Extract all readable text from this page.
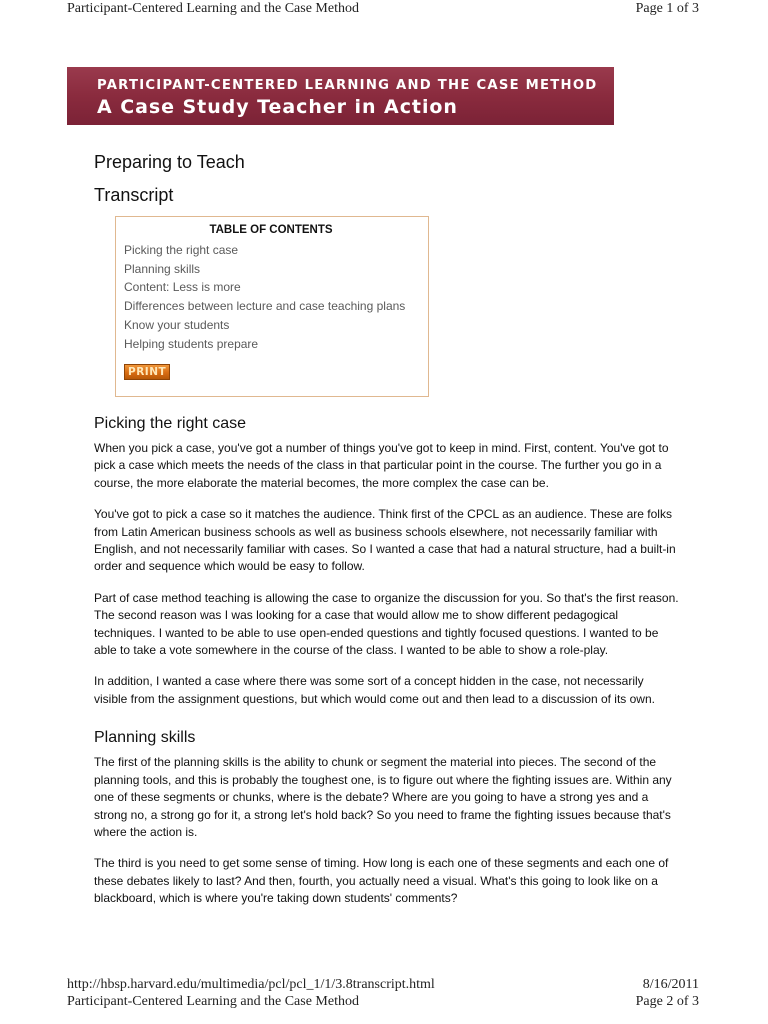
Participant-Centered Learning and the Case Method	Page 1 of 3
PARTICIPANT-CENTERED LEARNING AND THE CASE METHOD
A Case Study Teacher in Action
Preparing to Teach
Transcript
TABLE OF CONTENTS
Picking the right case
Planning skills
Content: Less is more
Differences between lecture and case teaching plans
Know your students
Helping students prepare
PRINT
Picking the right case

When you pick a case, you've got a number of things you've got to keep in mind. First, content. You've got to pick a case which meets the needs of the class in that particular point in the course. The further you go in a course, the more elaborate the material becomes, the more complex the case can be.

You've got to pick a case so it matches the audience. Think first of the CPCL as an audience. These are folks from Latin American business schools as well as business schools elsewhere, not necessarily familiar with English, and not necessarily familiar with cases. So I wanted a case that had a natural structure, had a built-in order and sequence which would be easy to follow.

Part of case method teaching is allowing the case to organize the discussion for you. So that's the first reason. The second reason was I was looking for a case that would allow me to show different pedagogical techniques. I wanted to be able to use open-ended questions and tightly focused questions. I wanted to be able to take a vote somewhere in the course of the class. I wanted to be able to show a role-play.

In addition, I wanted a case where there was some sort of a concept hidden in the case, not necessarily visible from the assignment questions, but which would come out and then lead to a discussion of its own.

Planning skills

The first of the planning skills is the ability to chunk or segment the material into pieces. The second of the planning tools, and this is probably the toughest one, is to figure out where the fighting issues are. Within any one of these segments or chunks, where is the debate? Where are you going to have a strong yes and a strong no, a strong go for it, a strong let's hold back? So you need to frame the fighting issues because that's where the action is.

The third is you need to get some sense of timing. How long is each one of these segments and each one of these debates likely to last? And then, fourth, you actually need a visual. What's this going to look like on a blackboard, which is where you're taking down students' comments?

http://hbsp.harvard.edu/multimedia/pcl/pcl_1/1/3.8transcript.html	8/16/2011
Participant-Centered Learning and the Case Method	Page 2 of 3
